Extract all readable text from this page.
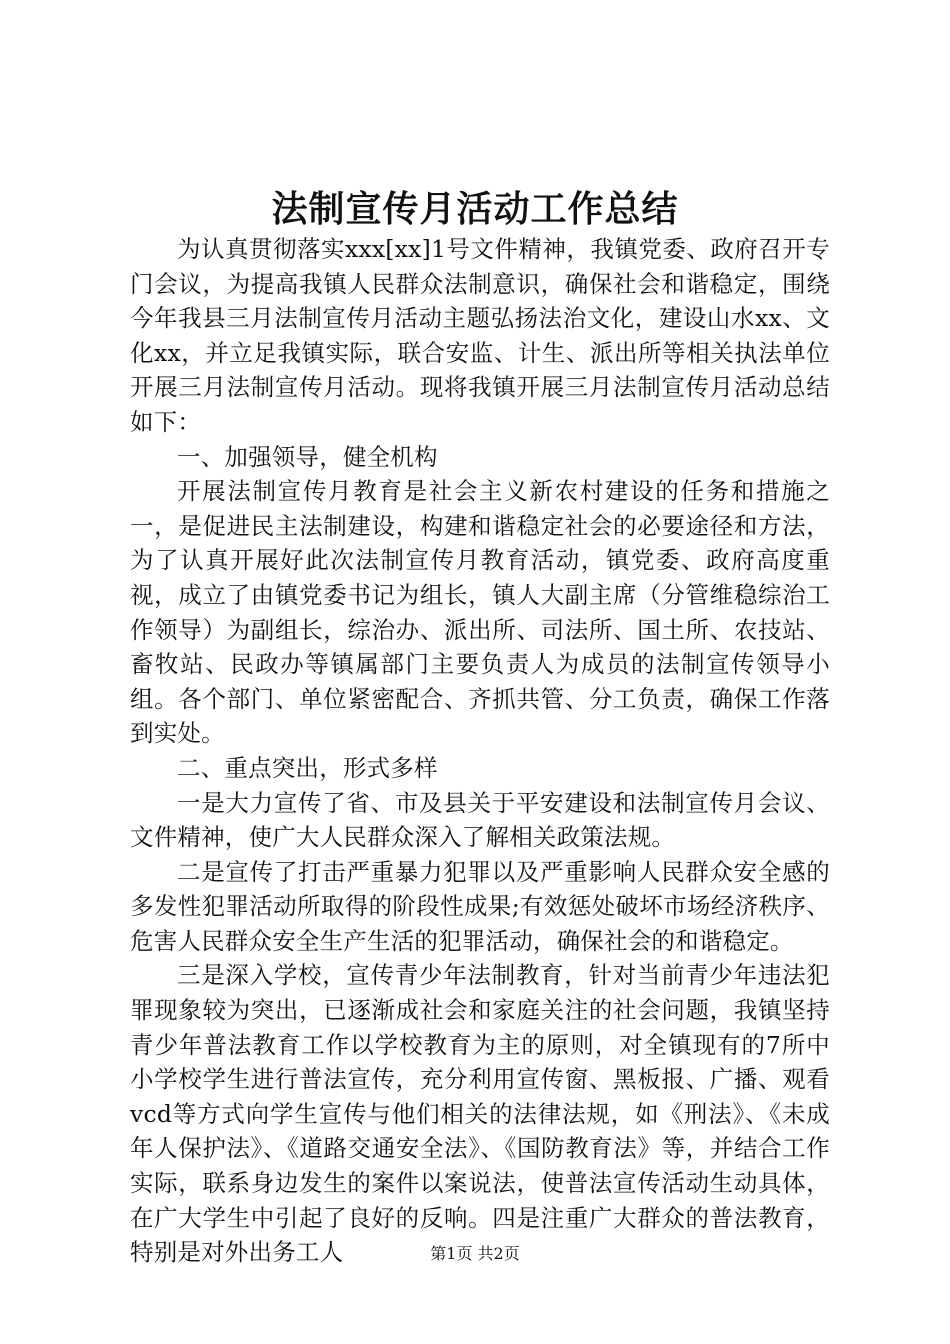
法制宣传月活动工作总结

为认真贯彻落实xxx[xx]1号文件精神，我镇党委、政府召开专门会议，为提高我镇人民群众法制意识，确保社会和谐稳定，围绕今年我县三月法制宣传月活动主题弘扬法治文化，建设山水xx、文化xx，并立足我镇实际，联合安监、计生、派出所等相关执法单位开展三月法制宣传月活动。现将我镇开展三月法制宣传月活动总结如下：

一、加强领导，健全机构

开展法制宣传月教育是社会主义新农村建设的任务和措施之一，是促进民主法制建设，构建和谐稳定社会的必要途径和方法，为了认真开展好此次法制宣传月教育活动，镇党委、政府高度重视，成立了由镇党委书记为组长，镇人大副主席（分管维稳综治工作领导）为副组长，综治办、派出所、司法所、国土所、农技站、畜牧站、民政办等镇属部门主要负责人为成员的法制宣传领导小组。各个部门、单位紧密配合、齐抓共管、分工负责，确保工作落到实处。

二、重点突出，形式多样

一是大力宣传了省、市及县关于平安建设和法制宣传月会议、文件精神，使广大人民群众深入了解相关政策法规。

二是宣传了打击严重暴力犯罪以及严重影响人民群众安全感的多发性犯罪活动所取得的阶段性成果;有效惩处破坏市场经济秩序、危害人民群众安全生产生活的犯罪活动，确保社会的和谐稳定。

三是深入学校，宣传青少年法制教育，针对当前青少年违法犯罪现象较为突出，已逐渐成社会和家庭关注的社会问题，我镇坚持青少年普法教育工作以学校教育为主的原则，对全镇现有的7所中小学校学生进行普法宣传，充分利用宣传窗、黑板报、广播、观看vcd等方式向学生宣传与他们相关的法律法规，如《刑法》、《未成年人保护法》、《道路交通安全法》、《国防教育法》等，并结合工作实际，联系身边发生的案件以案说法，使普法宣传活动生动具体，在广大学生中引起了良好的反响。四是注重广大群众的普法教育，特别是对外出务工人	第1页 共2页
